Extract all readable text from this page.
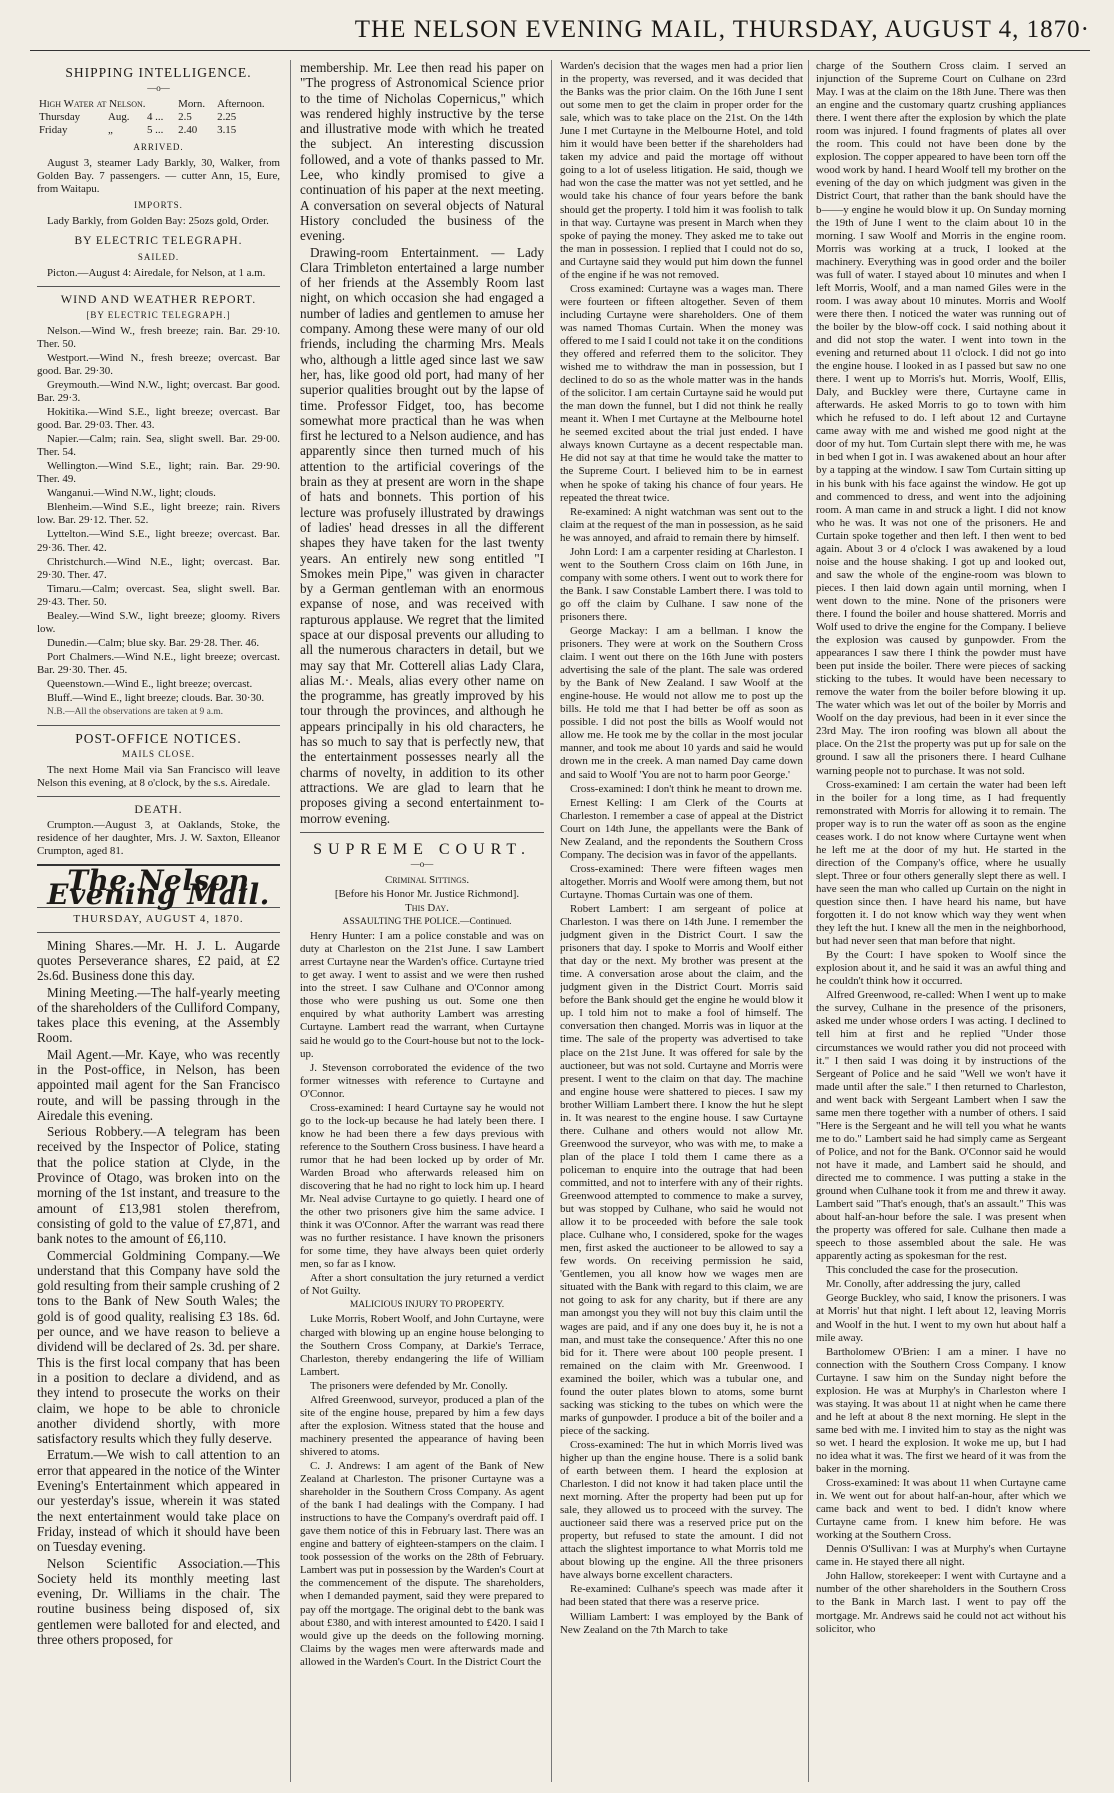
THE NELSON EVENING MAIL, THURSDAY, AUGUST 4, 1870·
SHIPPING INTELLIGENCE.
—o—
High Water at Nelson.			Morn.	Afternoon.
Thursday	Aug.	4 ...	2.5	2.25
Friday	„	5 ...	2.40	3.15
ARRIVED.

August 3, steamer Lady Barkly, 30, Walker, from Golden Bay. 7 passengers. — cutter Ann, 15, Eure, from Waitapu.

IMPORTS.

Lady Barkly, from Golden Bay: 25ozs gold, Order.

BY ELECTRIC TELEGRAPH.
SAILED.

Picton.—August 4: Airedale, for Nelson, at 1 a.m.

WIND AND WEATHER REPORT.
[BY ELECTRIC TELEGRAPH.]

Nelson.—Wind W., fresh breeze; rain. Bar. 29·10. Ther. 50.

Westport.—Wind N., fresh breeze; overcast. Bar good. Bar. 29·30.

Greymouth.—Wind N.W., light; overcast. Bar good. Bar. 29·3.

Hokitika.—Wind S.E., light breeze; overcast. Bar good. Bar. 29·03. Ther. 43.

Napier.—Calm; rain. Sea, slight swell. Bar. 29·00. Ther. 54.

Wellington.—Wind S.E., light; rain. Bar. 29·90. Ther. 49.

Wanganui.—Wind N.W., light; clouds.

Blenheim.—Wind S.E., light breeze; rain. Rivers low. Bar. 29·12. Ther. 52.

Lyttelton.—Wind S.E., light breeze; overcast. Bar. 29·36. Ther. 42.

Christchurch.—Wind N.E., light; overcast. Bar. 29·30. Ther. 47.

Timaru.—Calm; overcast. Sea, slight swell. Bar. 29·43. Ther. 50.

Bealey.—Wind S.W., light breeze; gloomy. Rivers low.

Dunedin.—Calm; blue sky. Bar. 29·28. Ther. 46.

Port Chalmers.—Wind N.E., light breeze; overcast. Bar. 29·30. Ther. 45.

Queenstown.—Wind E., light breeze; overcast.

Bluff.—Wind E., light breeze; clouds. Bar. 30·30.

N.B.—All the observations are taken at 9 a.m.

POST-OFFICE NOTICES.
MAILS CLOSE.

The next Home Mail via San Francisco will leave Nelson this evening, at 8 o'clock, by the s.s. Airedale.

DEATH.

Crumpton.—August 3, at Oaklands, Stoke, the residence of her daughter, Mrs. J. W. Saxton, Elleanor Crumpton, aged 81.

The Nelson Evening Mail.
THURSDAY, AUGUST 4, 1870.

Mining Shares.—Mr. H. J. L. Augarde quotes Perseverance shares, £2 paid, at £2 2s.6d. Business done this day.

Mining Meeting.—The half-yearly meeting of the shareholders of the Culliford Company, takes place this evening, at the Assembly Room.

Mail Agent.—Mr. Kaye, who was recently in the Post-office, in Nelson, has been appointed mail agent for the San Francisco route, and will be passing through in the Airedale this evening.

Serious Robbery.—A telegram has been received by the Inspector of Police, stating that the police station at Clyde, in the Province of Otago, was broken into on the morning of the 1st instant, and treasure to the amount of £13,981 stolen therefrom, consisting of gold to the value of £7,871, and bank notes to the amount of £6,110.

Commercial Goldmining Company.—We understand that this Company have sold the gold resulting from their sample crushing of 2 tons to the Bank of New South Wales; the gold is of good quality, realising £3 18s. 6d. per ounce, and we have reason to believe a dividend will be declared of 2s. 3d. per share. This is the first local company that has been in a position to declare a dividend, and as they intend to prosecute the works on their claim, we hope to be able to chronicle another dividend shortly, with more satisfactory results which they fully deserve.

Erratum.—We wish to call attention to an error that appeared in the notice of the Winter Evening's Entertainment which appeared in our yesterday's issue, wherein it was stated the next entertainment would take place on Friday, instead of which it should have been on Tuesday evening.

Nelson Scientific Association.—This Society held its monthly meeting last evening, Dr. Williams in the chair. The routine business being disposed of, six gentlemen were balloted for and elected, and three others proposed, for

membership. Mr. Lee then read his paper on "The progress of Astronomical Science prior to the time of Nicholas Copernicus," which was rendered highly instructive by the terse and illustrative mode with which he treated the subject. An interesting discussion followed, and a vote of thanks passed to Mr. Lee, who kindly promised to give a continuation of his paper at the next meeting. A conversation on several objects of Natural History concluded the business of the evening.

Drawing-room Entertainment. — Lady Clara Trimbleton entertained a large number of her friends at the Assembly Room last night, on which occasion she had engaged a number of ladies and gentlemen to amuse her company. Among these were many of our old friends, including the charming Mrs. Meals who, although a little aged since last we saw her, has, like good old port, had many of her superior qualities brought out by the lapse of time. Professor Fidget, too, has become somewhat more practical than he was when first he lectured to a Nelson audience, and has apparently since then turned much of his attention to the artificial coverings of the brain as they at present are worn in the shape of hats and bonnets. This portion of his lecture was profusely illustrated by drawings of ladies' head dresses in all the different shapes they have taken for the last twenty years. An entirely new song entitled "I Smokes mein Pipe," was given in character by a German gentleman with an enormous expanse of nose, and was received with rapturous applause. We regret that the limited space at our disposal prevents our alluding to all the numerous characters in detail, but we may say that Mr. Cotterell alias Lady Clara, alias M.·. Meals, alias every other name on the programme, has greatly improved by his tour through the provinces, and although he appears principally in his old characters, he has so much to say that is perfectly new, that the entertainment possesses nearly all the charms of novelty, in addition to its other attractions. We are glad to learn that he proposes giving a second entertainment to-morrow evening.

SUPREME COURT.
—o—

Criminal Sittings.

[Before his Honor Mr. Justice Richmond].

This Day.

ASSAULTING THE POLICE.—Continued.

Henry Hunter: I am a police constable and was on duty at Charleston on the 21st June. I saw Lambert arrest Curtayne near the Warden's office. Curtayne tried to get away. I went to assist and we were then rushed into the street. I saw Culhane and O'Connor among those who were pushing us out. Some one then enquired by what authority Lambert was arresting Curtayne. Lambert read the warrant, when Curtayne said he would go to the Court-house but not to the lock-up.

J. Stevenson corroborated the evidence of the two former witnesses with reference to Curtayne and O'Connor.

Cross-examined: I heard Curtayne say he would not go to the lock-up because he had lately been there. I know he had been there a few days previous with reference to the Southern Cross business. I have heard a rumor that he had been locked up by order of Mr. Warden Broad who afterwards released him on discovering that he had no right to lock him up. I heard Mr. Neal advise Curtayne to go quietly. I heard one of the other two prisoners give him the same advice. I think it was O'Connor. After the warrant was read there was no further resistance. I have known the prisoners for some time, they have always been quiet orderly men, so far as I know.

After a short consultation the jury returned a verdict of Not Guilty.

MALICIOUS INJURY TO PROPERTY.

Luke Morris, Robert Woolf, and John Curtayne, were charged with blowing up an engine house belonging to the Southern Cross Company, at Darkie's Terrace, Charleston, thereby endangering the life of William Lambert.

The prisoners were defended by Mr. Conolly.

Alfred Greenwood, surveyor, produced a plan of the site of the engine house, prepared by him a few days after the explosion. Witness stated that the house and machinery presented the appearance of having been shivered to atoms.

C. J. Andrews: I am agent of the Bank of New Zealand at Charleston. The prisoner Curtayne was a shareholder in the Southern Cross Company. As agent of the bank I had dealings with the Company. I had instructions to have the Company's overdraft paid off. I gave them notice of this in February last. There was an engine and battery of eighteen-stampers on the claim. I took possession of the works on the 28th of February. Lambert was put in possession by the Warden's Court at the commencement of the dispute. The shareholders, when I demanded payment, said they were prepared to pay off the mortgage. The original debt to the bank was about £380, and with interest amounted to £420. I said I would give up the deeds on the following morning. Claims by the wages men were afterwards made and allowed in the Warden's Court. In the District Court the

Warden's decision that the wages men had a prior lien in the property, was reversed, and it was decided that the Banks was the prior claim. On the 16th June I sent out some men to get the claim in proper order for the sale, which was to take place on the 21st. On the 14th June I met Curtayne in the Melbourne Hotel, and told him it would have been better if the shareholders had taken my advice and paid the mortage off without going to a lot of useless litigation. He said, though we had won the case the matter was not yet settled, and he would take his chance of four years before the bank should get the property. I told him it was foolish to talk in that way. Curtayne was present in March when they spoke of paying the money. They asked me to take out the man in possession. I replied that I could not do so, and Curtayne said they would put him down the funnel of the engine if he was not removed.

Cross examined: Curtayne was a wages man. There were fourteen or fifteen altogether. Seven of them including Curtayne were shareholders. One of them was named Thomas Curtain. When the money was offered to me I said I could not take it on the conditions they offered and referred them to the solicitor. They wished me to withdraw the man in possession, but I declined to do so as the whole matter was in the hands of the solicitor. I am certain Curtayne said he would put the man down the funnel, but I did not think he really meant it. When I met Curtayne at the Melbourne hotel he seemed excited about the trial just ended. I have always known Curtayne as a decent respectable man. He did not say at that time he would take the matter to the Supreme Court. I believed him to be in earnest when he spoke of taking his chance of four years. He repeated the threat twice.

Re-examined: A night watchman was sent out to the claim at the request of the man in possession, as he said he was annoyed, and afraid to remain there by himself.

John Lord: I am a carpenter residing at Charleston. I went to the Southern Cross claim on 16th June, in company with some others. I went out to work there for the Bank. I saw Constable Lambert there. I was told to go off the claim by Culhane. I saw none of the prisoners there.

George Mackay: I am a bellman. I know the prisoners. They were at work on the Southern Cross claim. I went out there on the 16th June with posters advertising the sale of the plant. The sale was ordered by the Bank of New Zealand. I saw Woolf at the engine-house. He would not allow me to post up the bills. He told me that I had better be off as soon as possible. I did not post the bills as Woolf would not allow me. He took me by the collar in the most jocular manner, and took me about 10 yards and said he would drown me in the creek. A man named Day came down and said to Woolf 'You are not to harm poor George.'

Cross-examined: I don't think he meant to drown me.

Ernest Kelling: I am Clerk of the Courts at Charleston. I remember a case of appeal at the District Court on 14th June, the appellants were the Bank of New Zealand, and the repondents the Southern Cross Company. The decision was in favor of the appellants.

Cross-examined: There were fifteen wages men altogether. Morris and Woolf were among them, but not Curtayne. Thomas Curtain was one of them.

Robert Lambert: I am sergeant of police at Charleston. I was there on 14th June. I remember the judgment given in the District Court. I saw the prisoners that day. I spoke to Morris and Woolf either that day or the next. My brother was present at the time. A conversation arose about the claim, and the judgment given in the District Court. Morris said before the Bank should get the engine he would blow it up. I told him not to make a fool of himself. The conversation then changed. Morris was in liquor at the time. The sale of the property was advertised to take place on the 21st June. It was offered for sale by the auctioneer, but was not sold. Curtayne and Morris were present. I went to the claim on that day. The machine and engine house were shattered to pieces. I saw my brother William Lambert there. I know the hut he slept in. It was nearest to the engine house. I saw Curtayne there. Culhane and others would not allow Mr. Greenwood the surveyor, who was with me, to make a plan of the place I told them I came there as a policeman to enquire into the outrage that had been committed, and not to interfere with any of their rights. Greenwood attempted to commence to make a survey, but was stopped by Culhane, who said he would not allow it to be proceeded with before the sale took place. Culhane who, I considered, spoke for the wages men, first asked the auctioneer to be allowed to say a few words. On receiving permission he said, 'Gentlemen, you all know how we wages men are situated with the Bank with regard to this claim, we are not going to ask for any charity, but if there are any man amongst you they will not buy this claim until the wages are paid, and if any one does buy it, he is not a man, and must take the consequence.' After this no one bid for it. There were about 100 people present. I remained on the claim with Mr. Greenwood. I examined the boiler, which was a tubular one, and found the outer plates blown to atoms, some burnt sacking was sticking to the tubes on which were the marks of gunpowder. I produce a bit of the boiler and a piece of the sacking.

Cross-examined: The hut in which Morris lived was higher up than the engine house. There is a solid bank of earth between them. I heard the explosion at Charleston. I did not know it had taken place until the next morning. After the property had been put up for sale, they allowed us to proceed with the survey. The auctioneer said there was a reserved price put on the property, but refused to state the amount. I did not attach the slightest importance to what Morris told me about blowing up the engine. All the three prisoners have always borne excellent characters.

Re-examined: Culhane's speech was made after it had been stated that there was a reserve price.

William Lambert: I was employed by the Bank of New Zealand on the 7th March to take

charge of the Southern Cross claim. I served an injunction of the Supreme Court on Culhane on 23rd May. I was at the claim on the 18th June. There was then an engine and the customary quartz crushing appliances there. I went there after the explosion by which the plate room was injured. I found fragments of plates all over the room. This could not have been done by the explosion. The copper appeared to have been torn off the wood work by hand. I heard Woolf tell my brother on the evening of the day on which judgment was given in the District Court, that rather than the bank should have the b——y engine he would blow it up. On Sunday morning the 19th of June I went to the claim about 10 in the morning. I saw Woolf and Morris in the engine room. Morris was working at a truck, I looked at the machinery. Everything was in good order and the boiler was full of water. I stayed about 10 minutes and when I left Morris, Woolf, and a man named Giles were in the room. I was away about 10 minutes. Morris and Woolf were there then. I noticed the water was running out of the boiler by the blow-off cock. I said nothing about it and did not stop the water. I went into town in the evening and returned about 11 o'clock. I did not go into the engine house. I looked in as I passed but saw no one there. I went up to Morris's hut. Morris, Woolf, Ellis, Daly, and Buckley were there, Curtayne came in afterwards. He asked Morris to go to town with him which he refused to do. I left about 12 and Curtayne came away with me and wished me good night at the door of my hut. Tom Curtain slept there with me, he was in bed when I got in. I was awakened about an hour after by a tapping at the window. I saw Tom Curtain sitting up in his bunk with his face against the window. He got up and commenced to dress, and went into the adjoining room. A man came in and struck a light. I did not know who he was. It was not one of the prisoners. He and Curtain spoke together and then left. I then went to bed again. About 3 or 4 o'clock I was awakened by a loud noise and the house shaking. I got up and looked out, and saw the whole of the engine-room was blown to pieces. I then laid down again until morning, when I went down to the mine. None of the prisoners were there. I found the boiler and house shattered. Morris and Wolf used to drive the engine for the Company. I believe the explosion was caused by gunpowder. From the appearances I saw there I think the powder must have been put inside the boiler. There were pieces of sacking sticking to the tubes. It would have been necessary to remove the water from the boiler before blowing it up. The water which was let out of the boiler by Morris and Woolf on the day previous, had been in it ever since the 23rd May. The iron roofing was blown all about the place. On the 21st the property was put up for sale on the ground. I saw all the prisoners there. I heard Culhane warning people not to purchase. It was not sold.

Cross-examined: I am certain the water had been left in the boiler for a long time, as I had frequently remonstrated with Morris for allowing it to remain. The proper way is to run the water off as soon as the engine ceases work. I do not know where Curtayne went when he left me at the door of my hut. He started in the direction of the Company's office, where he usually slept. Three or four others generally slept there as well. I have seen the man who called up Curtain on the night in question since then. I have heard his name, but have forgotten it. I do not know which way they went when they left the hut. I knew all the men in the neighborhood, but had never seen that man before that night.

By the Court: I have spoken to Woolf since the explosion about it, and he said it was an awful thing and he couldn't think how it occurred.

Alfred Greenwood, re-called: When I went up to make the survey, Culhane in the presence of the prisoners, asked me under whose orders I was acting. I declined to tell him at first and he replied "Under those circumstances we would rather you did not proceed with it." I then said I was doing it by instructions of the Sergeant of Police and he said "Well we won't have it made until after the sale." I then returned to Charleston, and went back with Sergeant Lambert when I saw the same men there together with a number of others. I said "Here is the Sergeant and he will tell you what he wants me to do." Lambert said he had simply came as Sergeant of Police, and not for the Bank. O'Connor said he would not have it made, and Lambert said he should, and directed me to commence. I was putting a stake in the ground when Culhane took it from me and threw it away. Lambert said "That's enough, that's an assault." This was about half-an-hour before the sale. I was present when the property was offered for sale. Culhane then made a speech to those assembled about the sale. He was apparently acting as spokesman for the rest.

This concluded the case for the prosecution.

Mr. Conolly, after addressing the jury, called

George Buckley, who said, I know the prisoners. I was at Morris' hut that night. I left about 12, leaving Morris and Woolf in the hut. I went to my own hut about half a mile away.

Bartholomew O'Brien: I am a miner. I have no connection with the Southern Cross Company. I know Curtayne. I saw him on the Sunday night before the explosion. He was at Murphy's in Charleston where I was staying. It was about 11 at night when he came there and he left at about 8 the next morning. He slept in the same bed with me. I invited him to stay as the night was so wet. I heard the explosion. It woke me up, but I had no idea what it was. The first we heard of it was from the baker in the morning.

Cross-examined: It was about 11 when Curtayne came in. We went out for about half-an-hour, after which we came back and went to bed. I didn't know where Curtayne came from. I knew him before. He was working at the Southern Cross.

Dennis O'Sullivan: I was at Murphy's when Curtayne came in. He stayed there all night.

John Hallow, storekeeper: I went with Curtayne and a number of the other shareholders in the Southern Cross to the Bank in March last. I went to pay off the mortgage. Mr. Andrews said he could not act without his solicitor, who
